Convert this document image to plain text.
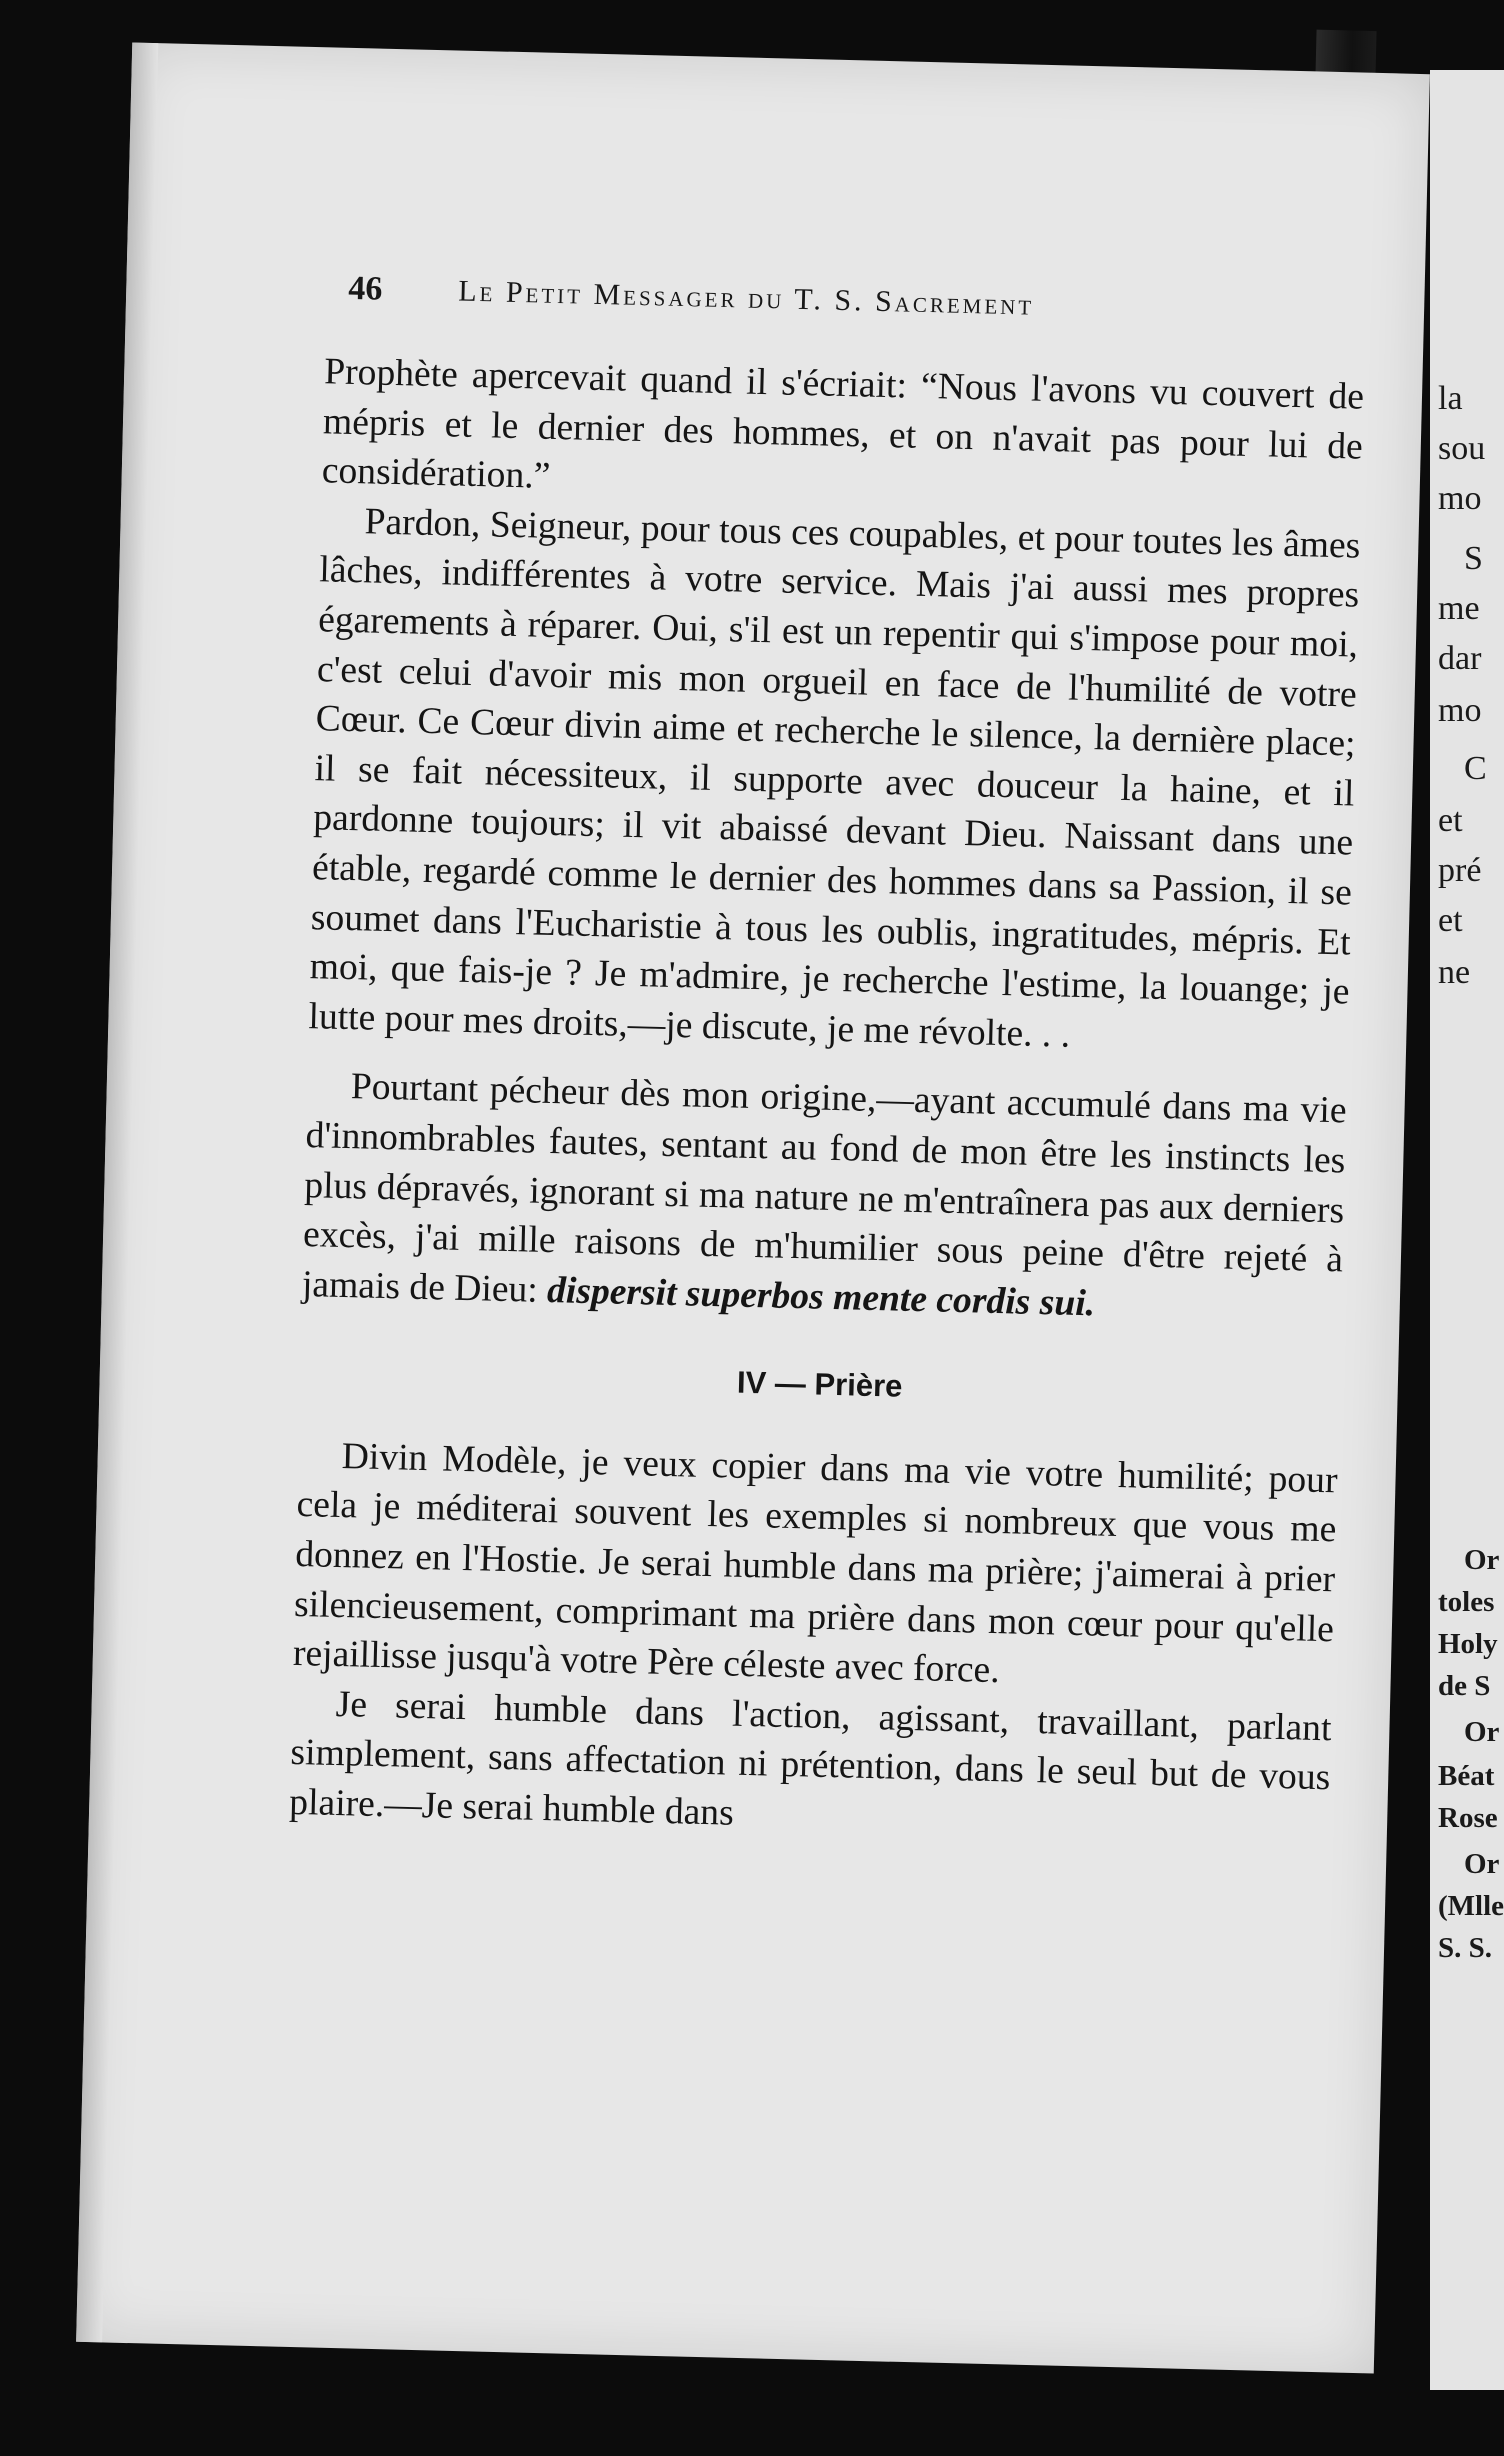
la
sou
mo
S
me
dar
mo
C
et
pré
et
ne
Or
toles
Holy
de S
Or
Béat
Rose
Or
(Mlle
S. S.
46	Le Petit Messager du T. S. Sacrement

Prophète apercevait quand il s'écriait: “Nous l'avons vu couvert de mépris et le dernier des hommes, et on n'avait pas pour lui de considération.”

Pardon, Seigneur, pour tous ces coupables, et pour toutes les âmes lâches, indifférentes à votre service. Mais j'ai aussi mes propres égarements à réparer. Oui, s'il est un repentir qui s'impose pour moi, c'est celui d'avoir mis mon orgueil en face de l'humilité de votre Cœur. Ce Cœur divin aime et recherche le silence, la dernière place; il se fait nécessiteux, il supporte avec douceur la haine, et il pardonne toujours; il vit abaissé devant Dieu. Naissant dans une étable, regardé comme le dernier des hommes dans sa Passion, il se soumet dans l'Eucharistie à tous les oublis, ingratitudes, mépris. Et moi, que fais-je ? Je m'admire, je recherche l'estime, la louange; je lutte pour mes droits,—je discute, je me révolte. . .

Pourtant pécheur dès mon origine,—ayant accumulé dans ma vie d'innombrables fautes, sentant au fond de mon être les instincts les plus dépravés, ignorant si ma nature ne m'entraînera pas aux derniers excès, j'ai mille raisons de m'humilier sous peine d'être rejeté à jamais de Dieu: dispersit superbos mente cordis sui.

IV — Prière

Divin Modèle, je veux copier dans ma vie votre humilité; pour cela je méditerai souvent les exemples si nombreux que vous me donnez en l'Hostie. Je serai humble dans ma prière; j'aimerai à prier silencieusement, comprimant ma prière dans mon cœur pour qu'elle rejaillisse jusqu'à votre Père céleste avec force.

Je serai humble dans l'action, agissant, travaillant, parlant simplement, sans affectation ni prétention, dans le seul but de vous plaire.—Je serai humble dans
